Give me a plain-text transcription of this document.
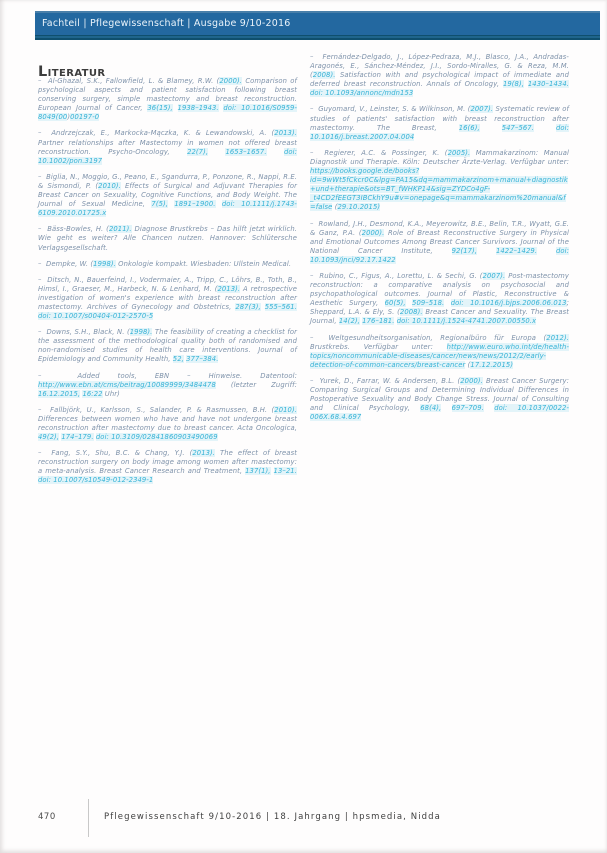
Fachteil | Pflegewissenschaft | Ausgabe 9/10-2016
Literatur

–  Al-Ghazal, S.K., Fallowfield, L. & Blamey, R.W. (2000). Comparison of psychological aspects and patient satisfaction following breast conserving surgery, simple mastectomy and breast reconstruction. European Journal of Cancer, 36(15), 1938–1943. doi: 10.1016/S0959-8049(00)00197-0

–  Andrzejczak, E., Markocka-Mączka, K. & Lewandowski, A. (2013). Partner relationships after Mastectomy in women not offered breast reconstruction. Psycho-Oncology, 22(7),	1653–1657.	doi: 10.1002/pon.3197

–  Biglia, N., Moggio, G., Peano, E., Sgandurra, P., Ponzone, R., Nappi, R.E. & Sismondi, P. (2010). Effects of Surgical and Adjuvant Therapies for Breast Cancer on Sexuality, Cognitive Functions, and Body Weight. The Journal of Sexual Medicine, 7(5), 1891–1900. doi: 10.1111/j.1743-6109.2010.01725.x

–  Bäss-Bowles, H. (2011). Diagnose Brustkrebs – Das hilft jetzt wirklich. Wie geht es weiter? Alle Chancen nutzen. Hannover: Schlütersche Verlagsgesellschaft.

–  Dempke, W. (1998). Onkologie kompakt. Wiesbaden: Ullstein Medical.

–  Ditsch, N., Bauerfeind, I., Vodermaier, A., Tripp, C., Löhrs, B., Toth, B., Himsl, I., Graeser, M., Harbeck, N. & Lenhard, M. (2013). A retrospective investigation of women's experience with breast reconstruction after mastectomy. Archives of Gynecology and Obstetrics, 287(3), 555–561. doi: 10.1007/s00404-012-2570-5

–  Downs, S.H., Black, N. (1998). The feasibility of creating a checklist for the assessment of the methodological quality both of randomised and non-randomised studies of health care interventions. Journal of Epidemiology and Community Health, 52, 377–384.

–  Added tools, EBN – Hinweise. Datentool: http://www.ebn.at/cms/beitrag/10089999/3484478 (letzter Zugriff: 16.12.2015, 16:22 Uhr)

–  Fallbjörk, U., Karlsson, S., Salander, P. & Rasmussen, B.H. (2010). Differences between women who have and have not undergone breast reconstruction after mastectomy due to breast cancer. Acta Oncologica, 49(2), 174–179. doi: 10.3109/02841860903490069

–  Fang, S.Y., Shu, B.C. & Chang, Y.J. (2013). The effect of breast reconstruction surgery on body image among women after mastectomy: a meta-analysis. Breast Cancer Research and Treatment, 137(1), 13–21. doi: 10.1007/s10549-012-2349-1

–  Fernández-Delgado, J., López-Pedraza, M.J., Blasco, J.A., Andradas-Aragonés, E., Sánchez-Méndez, J.I., Sordo-Miralles, G. & Reza, M.M. (2008). Satisfaction with and psychological impact of immediate and deferred breast reconstruction. Annals of Oncology, 19(8), 1430–1434. doi: 10.1093/annonc/mdn153

–  Guyomard, V., Leinster, S. & Wilkinson, M. (2007). Systematic review of studies of patients' satisfaction with breast reconstruction after mastectomy. The Breast, 16(6),	547–567.	doi: 10.1016/j.breast.2007.04.004

–  Regierer, A.C. & Possinger, K. (2005). Mammakarzinom: Manual Diagnostik und Therapie. Köln: Deutscher Ärzte-Verlag. Verfügbar unter: https://books.google.de/books?id=9wWt5fCkcr0C&lpg=PA15&dq=mammakarzinom+manual+diagnostik+und+therapie&ots=BT_fWHKP14&sig=ZYDCo4gF-_t4CD2fEEGT3IBCkhY9u#v=onepage&q=mammakarzinom%20manual&f=false (29.10.2015)

–  Rowland, J.H., Desmond, K.A., Meyerowitz, B.E., Belin, T.R., Wyatt, G.E. & Ganz, P.A. (2000). Role of Breast Reconstructive Surgery in Physical and Emotional Outcomes Among Breast Cancer Survivors. Journal of the National Cancer Institute, 92(17),	1422–1429.	doi: 10.1093/jnci/92.17.1422

–  Rubino, C., Figus, A., Lorettu, L. & Sechi, G. (2007). Post-mastectomy reconstruction: a comparative analysis on psychosocial and psychopathological outcomes. Journal of Plastic, Reconstructive & Aesthetic Surgery, 60(5), 509–518. doi: 10.1016/j.bjps.2006.06.013; Sheppard, L.A. & Ely, S. (2008). Breast Cancer and Sexuality. The Breast Journal, 14(2), 176–181. doi: 10.1111/j.1524-4741.2007.00550.x

–  Weltgesundheitsorganisation, Regionalbüro für Europa (2012). Brustkrebs. Verfügbar unter: http://www.euro.who.int/de/health-topics/noncommunicable-diseases/cancer/news/news/2012/2/early-detection-of-common-cancers/breast-cancer (17.12.2015)

–  Yurek, D., Farrar, W. & Andersen, B.L. (2000). Breast Cancer Surgery: Comparing Surgical Groups and Determining Individual Differences in Postoperative Sexuality and Body Change Stress. Journal of Consulting and Clinical Psychology, 68(4), 697–709. doi: 10.1037/0022-006X.68.4.697

470	Pflegewissenschaft 9/10-2016 | 18. Jahrgang | hpsmedia, Nidda
